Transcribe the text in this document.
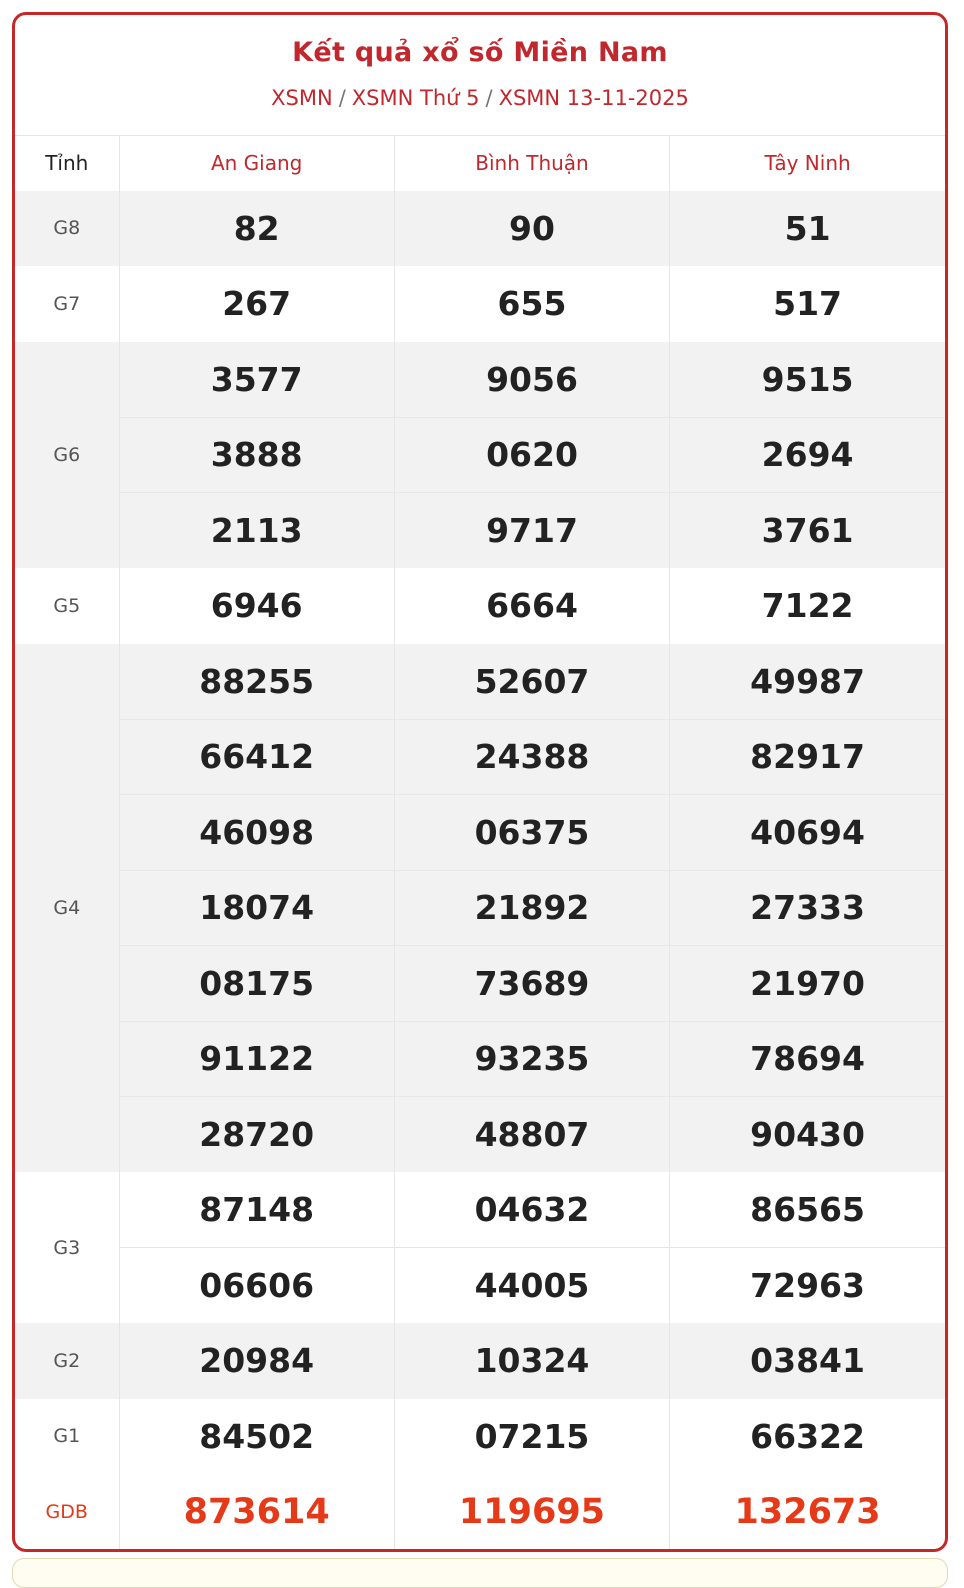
Kết quả xổ số Miền Nam
XSMN / XSMN Thứ 5 / XSMN 13-11-2025
Tỉnh	An Giang	Bình Thuận	Tây Ninh
G8	82	90	51
G7	267	655	517
G6	3577	9056	9515
	3888	0620	2694
	2113	9717	3761
G5	6946	6664	7122
G4	88255	52607	49987
	66412	24388	82917
	46098	06375	40694
	18074	21892	27333
	08175	73689	21970
	91122	93235	78694
	28720	48807	90430
G3	87148	04632	86565
	06606	44005	72963
G2	20984	10324	03841
G1	84502	07215	66322
GDB	873614	119695	132673
